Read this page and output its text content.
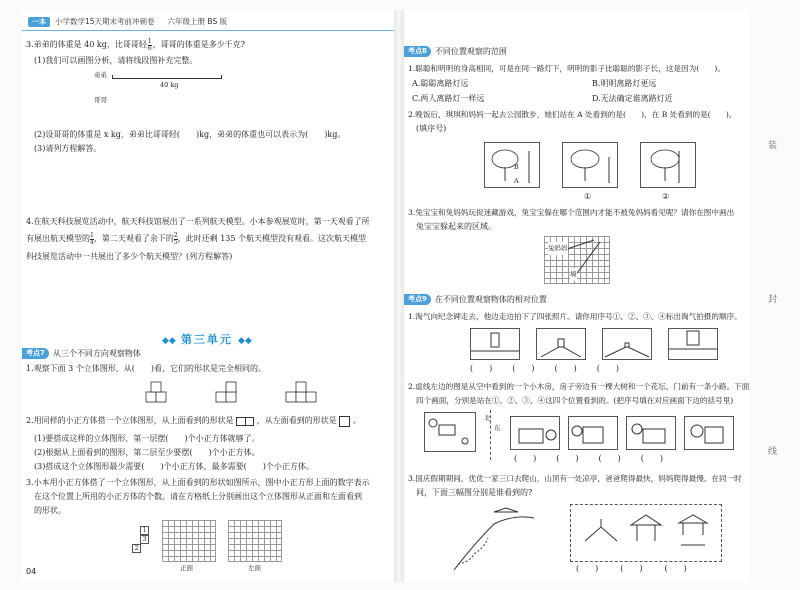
一本	小学数学15天期末考前冲刺卷 六年级上册 BS 版
3.弟弟的体重是 40 kg，比哥哥轻$\frac{1}{6}$，哥哥的体重是多少千克?
(1)我们可以画图分析，请将线段图补充完整。
弟弟
40 kg
哥哥
(2)设哥哥的体重是 x kg，弟弟比哥哥轻(　　)kg，弟弟的体重也可以表示为(　　)kg。
(3)请列方程解答。
4.在航天科技展览活动中，航天科技馆展出了一系列航天模型。小本参观展览时，第一天观看了所
有展出航天模型的$\frac{1}{4}$，第二天观看了余下的$\frac{2}{5}$，此时还剩 135 个航天模型没有观看。这次航天模型
科技展览活动中一共展出了多少个航天模型？(列方程解答)
◆◆ 第三单元 ◆◆
考点7	从三个不同方向观察物体
1.观察下面 3 个立体图形，从(　　)看，它们的形状是完全相同的。
2.用同样的小正方体搭一个立体图形，从上面看到的形状是	，从左面看到的形状是 。
(1)要搭成这样的立体图形，第一层摆(　　)个小正方体就够了。
(2)根据从上面看到的图形，第二层至少要摆(　　)个小正方体。
(3)搭成这个立体图形最少需要(　　)个小正方体，最多需要(　　)个小正方体。
3.小本用小正方体搭了一个立体图形，从上面看到的形状如图所示，图中小正方形上面的数字表示
在这个位置上所用的小正方体的个数。请在方格纸上分别画出这个立体图形从正面和左面看到
的形状。
1
3
2
正面	左面
04
考点8	不同位置观察的范围
1.聪聪和明明的身高相同，可是在同一路灯下，明明的影子比聪聪的影子长，这是因为(　　)。
A.聪聪离路灯远	B.明明离路灯更远
C.两人离路灯一样远	D.无法确定谁离路灯近
2.晚饭后，琪琪和妈妈一起去公园散步，她们站在 A 处看到的是(　　)，在 B 处看到的是(　　)。
(填序号)
B
A
①	②
3.兔宝宝和兔妈妈玩捉迷藏游戏，兔宝宝躲在哪个范围内才能不被兔妈妈看见呢？请你在图中画出
兔宝宝躲起来的区域。
兔妈妈
墙
考点9	在不同位置观察物体的相对位置
1.淘气向纪念碑走去，他边走边拍下了四张照片。请你用序号①、②、③、④标出淘气拍摄的顺序。
(　　)	(　　)	(　　)	(　　)
2.虚线左边的图是从空中看到的一个小木房，房子旁边有一棵大树和一个花坛，门前有一条小路。下面
四个画面，分别是站在①、②、③、④这四个位置看到的。(把序号填在对应画面下边的括号里)
北
东
(　　)	(　　)	(　　)	(　　)
3.国庆假期期间，优优一家三口去爬山，山顶有一处凉亭，爸爸爬得最快，妈妈爬得最慢。在同一时
间，下面三幅图分别是谁看到的?
(　　)	(　　)	(　　)
装
封
线
